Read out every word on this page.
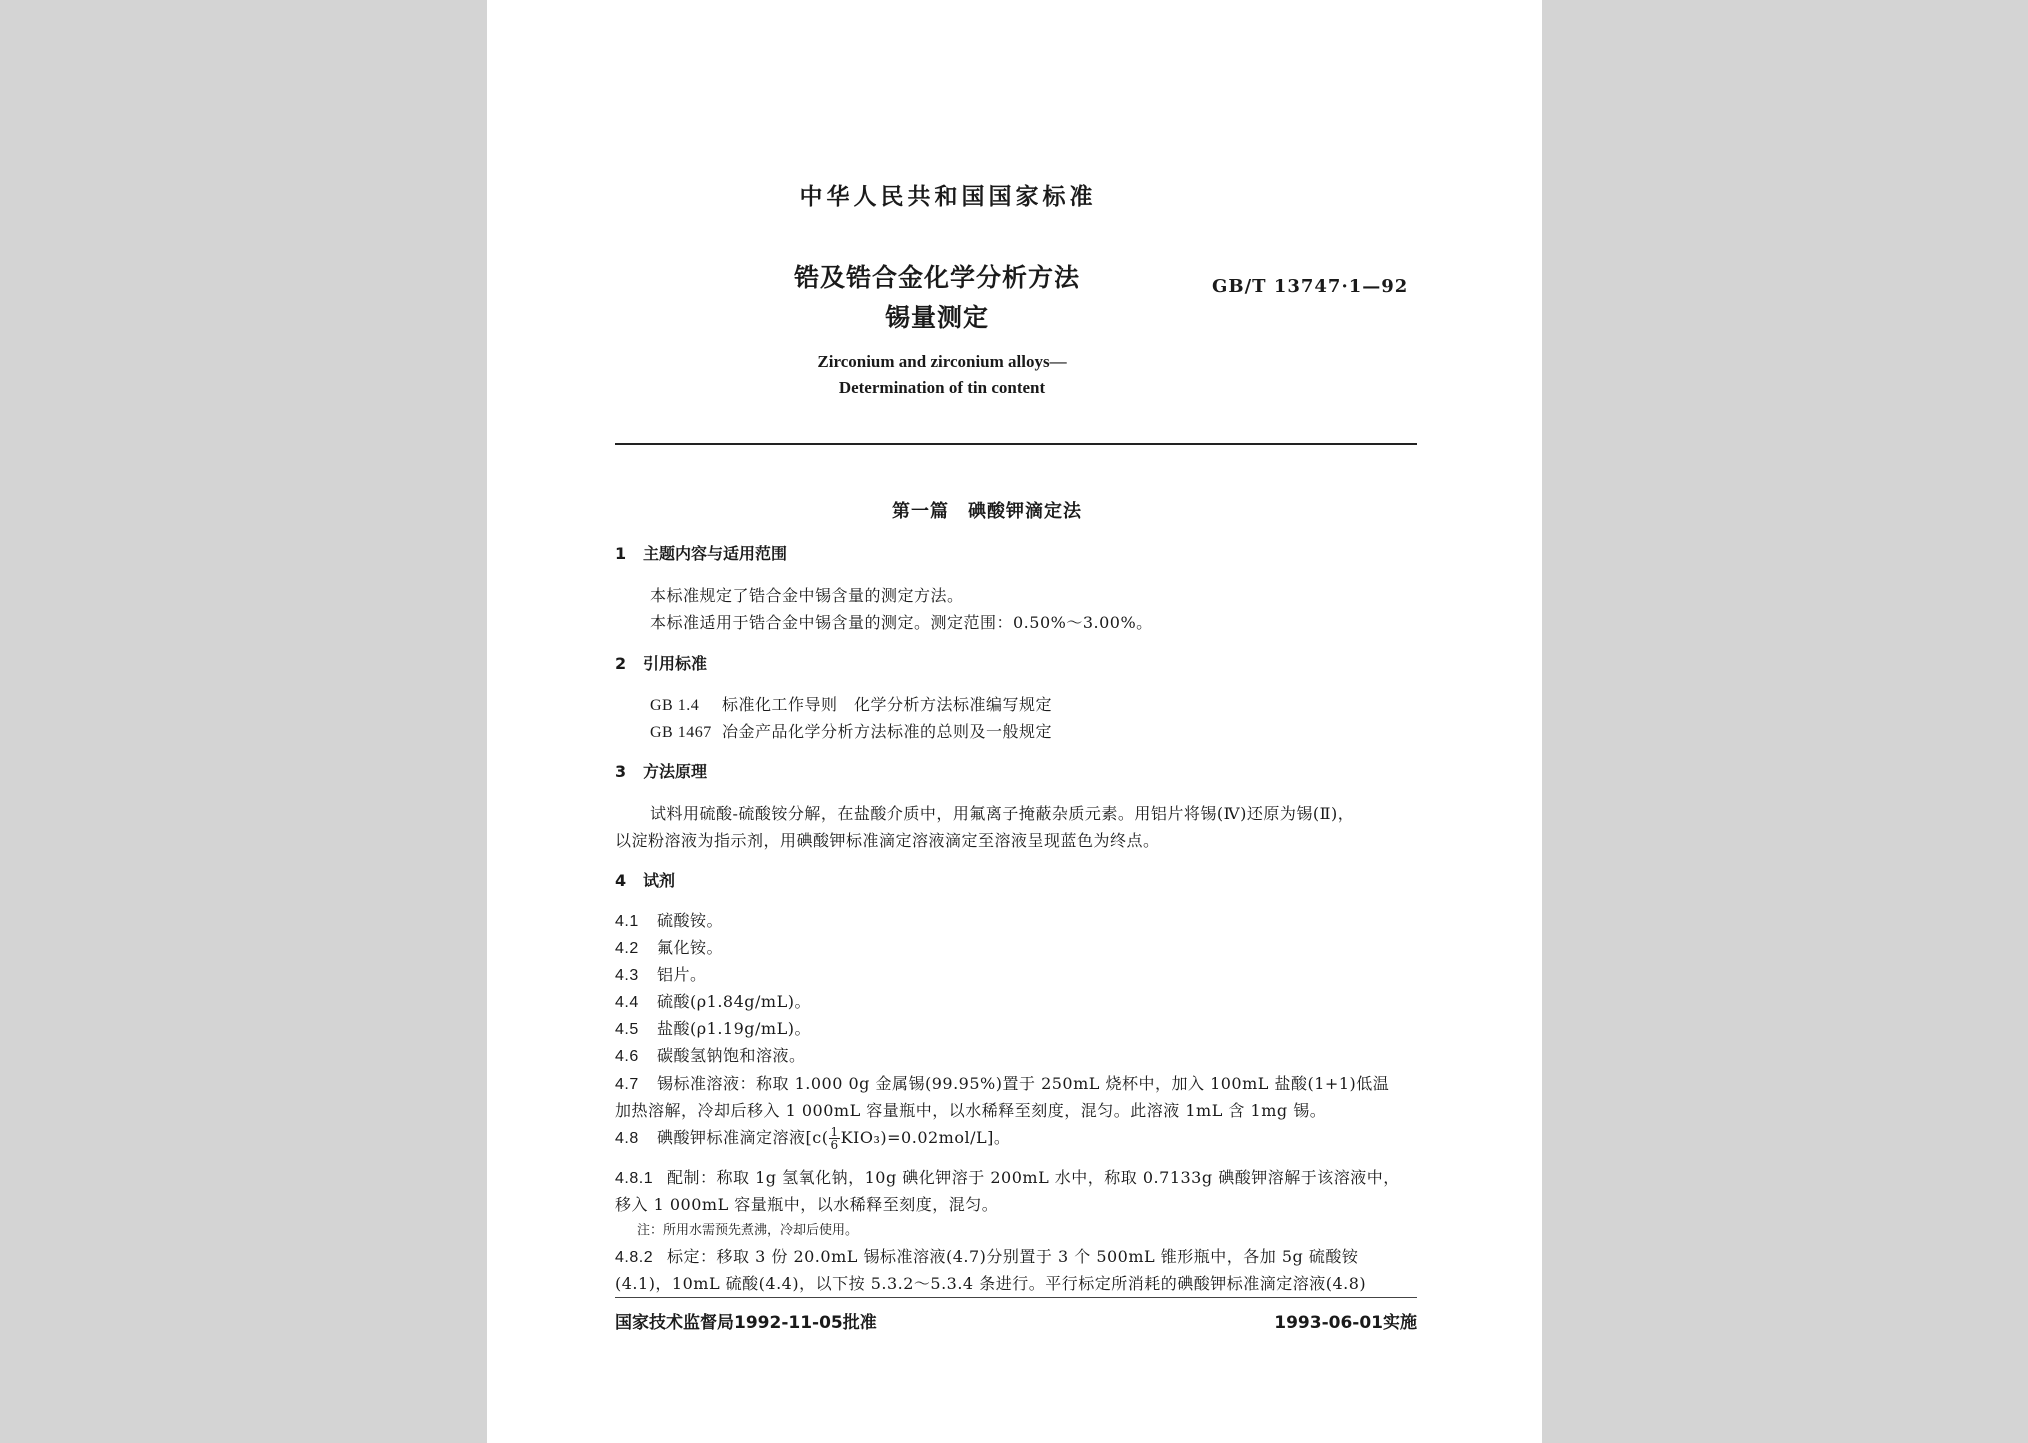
中华人民共和国国家标准
锆及锆合金化学分析方法
锡量测定
GB/T 13747·1—92
Zirconium and zirconium alloys—
Determination of tin content
第一篇　碘酸钾滴定法
1 主题内容与适用范围
本标准规定了锆合金中锡含量的测定方法。
本标准适用于锆合金中锡含量的测定。测定范围：0.50%～3.00%。
2 引用标准
GB 1.4 标准化工作导则　化学分析方法标准编写规定
GB 1467 冶金产品化学分析方法标准的总则及一般规定
3 方法原理
试料用硫酸-硫酸铵分解，在盐酸介质中，用氟离子掩蔽杂质元素。用铝片将锡(Ⅳ)还原为锡(Ⅱ)，
以淀粉溶液为指示剂，用碘酸钾标准滴定溶液滴定至溶液呈现蓝色为终点。
4 试剂
4.1 硫酸铵。
4.2 氟化铵。
4.3 铝片。
4.4 硫酸(ρ1.84g/mL)。
4.5 盐酸(ρ1.19g/mL)。
4.6 碳酸氢钠饱和溶液。
4.7 锡标准溶液：称取 1.000 0g 金属锡(99.95%)置于 250mL 烧杯中，加入 100mL 盐酸(1+1)低温
加热溶解，冷却后移入 1 000mL 容量瓶中，以水稀释至刻度，混匀。此溶液 1mL 含 1mg 锡。
4.8 碘酸钾标准滴定溶液$[c( \frac{1}{6} KIO_3)=0.02mol/L]$。
4.8.1 配制：称取 1g 氢氧化钠，10g 碘化钾溶于 200mL 水中，称取 0.7133g 碘酸钾溶解于该溶液中，
移入 1 000mL 容量瓶中，以水稀释至刻度，混匀。
注：所用水需预先煮沸，冷却后使用。
4.8.2 标定：移取 3 份 20.0mL 锡标准溶液(4.7)分别置于 3 个 500mL 锥形瓶中，各加 5g 硫酸铵
(4.1)，10mL 硫酸(4.4)，以下按 5.3.2～5.3.4 条进行。平行标定所消耗的碘酸钾标准滴定溶液(4.8)
国家技术监督局1992-11-05批准	1993-06-01实施
